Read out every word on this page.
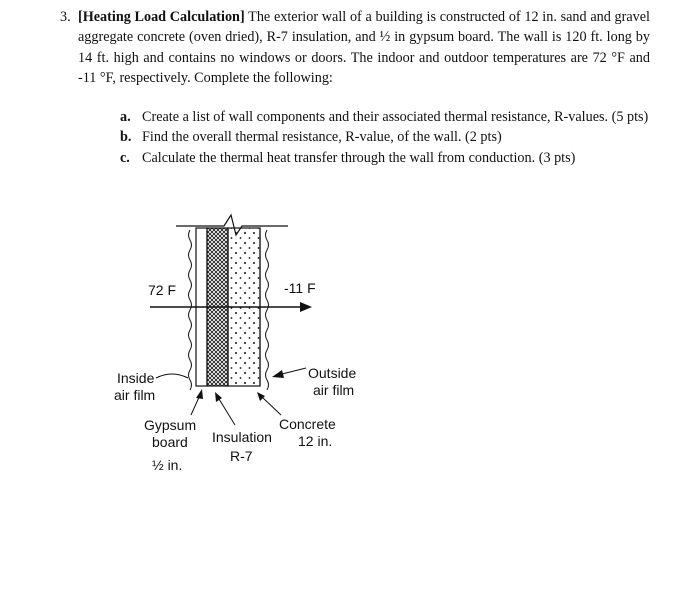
3. [Heating Load Calculation] The exterior wall of a building is constructed of 12 in. sand and gravel aggregate concrete (oven dried), R-7 insulation, and ½ in gypsum board. The wall is 120 ft. long by 14 ft. high and contains no windows or doors. The indoor and outdoor temperatures are 72 °F and -11 °F, respectively. Complete the following:
a. Create a list of wall components and their associated thermal resistance, R-values. (5 pts)
b. Find the overall thermal resistance, R-value, of the wall. (2 pts)
c. Calculate the thermal heat transfer through the wall from conduction. (3 pts)
72 F	-11 F
Inside
air film
Outside
air film
Gypsum
board
½ in.
Insulation
R-7
Concrete
12 in.
